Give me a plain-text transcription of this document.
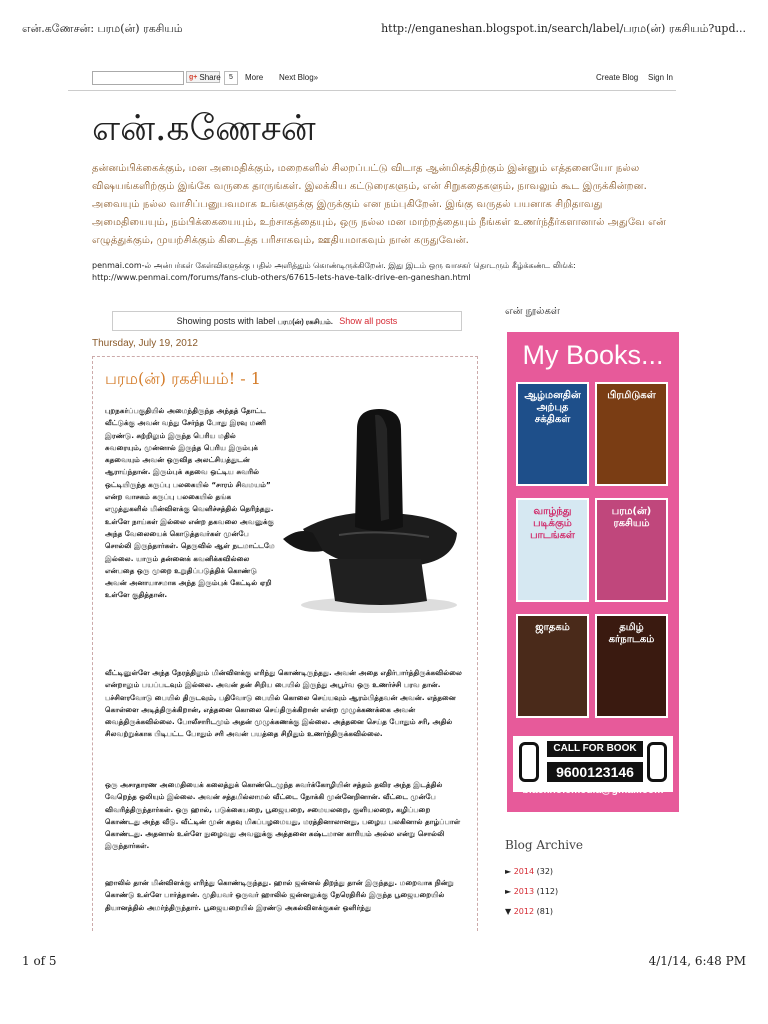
என்.கணேசன்: பரம(ன்) ரகசியம்	http://enganeshan.blogspot.in/search/label/பரம(ன்) ரகசியம்?upd...
g+ Share	5	More Next Blog»	Create Blog Sign In
என்.கணேசன்
தன்னம்பிக்கைக்கும், மன அமைதிக்கும், மறைகளில் சிலறப்பட்டு விடாத ஆன்மிகத்திற்கும் இன்னும் எத்தனையோ நல்ல விஷயங்களிற்கும் இங்கே வருகை தாருங்கள். இலக்கிய கட்டுரைகளும், என் சிறுகதைகளும், நாவலும் கூட இருக்கின்றன. அவையும் நல்ல வாசிப்பனுபவமாக உங்களுக்கு இருக்கும் என நம்புகிறேன். இங்கு வருதல் பயனாக சிறிதாவது அமைதியையும், நம்பிக்கையையும், உற்சாகத்தையும், ஒரு நல்ல மன மாற்றத்தையும் நீங்கள் உணர்ந்தீர்களானால் அதுவே என் எழுத்துக்கும், முயற்சிக்கும் கிடைத்த பரிசாகவும், ஊதியமாகவும் நான் கருதுவேன்.
penmai.com-ல் அன்பர்கள் கேள்விகளுக்கு பதில் அளித்தும் கொண்டிருக்கிறேன். இது இடம் ஒரு வாசகர் தொடரும் கீழ்க்கண்ட லிங்க்: http://www.penmai.com/forums/fans-club-others/67615-lets-have-talk-drive-en-ganeshan.html
Showing posts with label பரம(ன்) ரகசியம். Show all posts
Thursday, July 19, 2012
பரம(ன்) ரகசியம்! - 1
புறநகர்ப்பகுதியில் அமைந்திருந்த அந்தத் தோட்ட வீட்டுக்கு அவன் வந்து சேர்ந்த போது இரவு மணி இரண்டு. சுற்றிலும் இருந்த பெரிய மதில் சுவரையும், முன்னால் இருந்த பெரிய இரும்புக் கதவையும் அவன் ஒருவித அலட்சியத்துடன் ஆராய்ந்தான். இரும்புக் கதவை ஒட்டிய சுவரில் ஒட்டியிருந்த கருப்பு பலகையில் “சாரம் சிவமயம்” என்ற வாசகம் கருப்பு பலகையில் தங்க எழுத்துகளில் மின்விளக்கு வெளிச்சத்தில் தெரிந்தது. உள்ளே நாய்கள் இல்லை என்ற தகவலை அவனுக்கு அந்த வேலையைக் கொடுத்தவர்கள் முன்பே சொல்லி இருந்தார்கள். தெருவில் ஆள் நடமாட்டமே இல்லை. யாரும் தன்னைக் கவனிக்கவில்லை என்பதை ஒரு முறை உறுதிப்படுத்திக் கொண்டு அவன் அனாயாசமாக அந்த இரும்புக் கேட்டில் ஏறி உள்ளே குதித்தான்.
வீட்டினுள்ளே அந்த நேரத்திலும் மின்விளக்கு எரிந்து கொண்டிருந்தது. அவன் அதை எதிர்பார்த்திருக்கவில்லை என்றாலும் பயப்படவும் இல்லை. அவன் தன் சிறிய பையில் இருந்து அபூர்வ ஒரு உணர்ச்சி பரவ தான். பச்சிளரவோடு பையில் திருடவும், பதிவோடு பையில் கொலை செய்யவும் ஆரம்பித்தவன் அவன். எத்தனை கொள்ளை அடித்திருக்கிறான், எத்தனை கொலை செய்திருக்கிறான் என்ற முழுக்கணக்கை அவன் வைத்திருக்கவில்லை. போலீசாரிடமும் அதன் முழுக்கணக்கு இல்லை. அத்தனை செய்த போதும் சரி, அதில் சிலவற்றுக்காக பிடிபட்ட போதும் சரி அவன் பயத்தை சிறிதும் உணர்ந்திருக்கவில்லை.
ஒரு அசாதாரண அமைதியைக் கலைத்துக் கொண்டெழுந்த சுவர்க்கோழியின் சத்தம் தவிர அந்த இடத்தில் வேறெந்த ஒலியும் இல்லை. அவன் சத்தமில்லாமல் வீட்டை நோக்கி முன்னேறினான். வீட்டை முன்பே விவரித்திருந்தார்கள். ஒரு ஹால், படுக்கையறை, பூஜையறை, சமையலறை, குளியலறை, கழிப்பறை கொண்டது அந்த வீடு. வீட்டின் முன் கதவு மிகப்பழமையது, மரத்தினாலானது, பழைய பலகினால் தாழ்ப்பாள் கொண்டது. அதனால் உள்ளே நுழைவது அவனுக்கு அத்தனை கஷ்டமான காரியம் அல்ல என்று சொல்லி இருந்தார்கள்.
ஹாலில் தான் மின்விளக்கு எரிந்து கொண்டிருந்தது. ஹால் ஜன்னல் திறந்து தான் இருந்தது. மறைவாக நின்று கொண்டு உள்ளே பார்த்தான். முதியவர் ஒருவர் ஹாலில் ஜன்னலுக்கு நேரெதிரில் இருந்த பூஜையறையில் தியானத்தில் அமர்ந்திருந்தார். பூஜையறையில் இரண்டு அகல்விளக்குகள் ஒளிர்ந்து
என் நூல்கள்
My Books...
ஆழ்மனதின் அற்புத சக்திகள்
பிரமிடுகள்
வாழ்ந்து படிக்கும் பாடங்கள்
பரம(ன்) ரகசியம்
ஜாதகம்	தமிழ் கர்நாடகம்
CALL FOR BOOK
9600123146
blackholemedia@gmail.com
Blog Archive
► 2014 (32)
► 2013 (112)
▼ 2012 (81)
1 of 5	4/1/14, 6:48 PM
